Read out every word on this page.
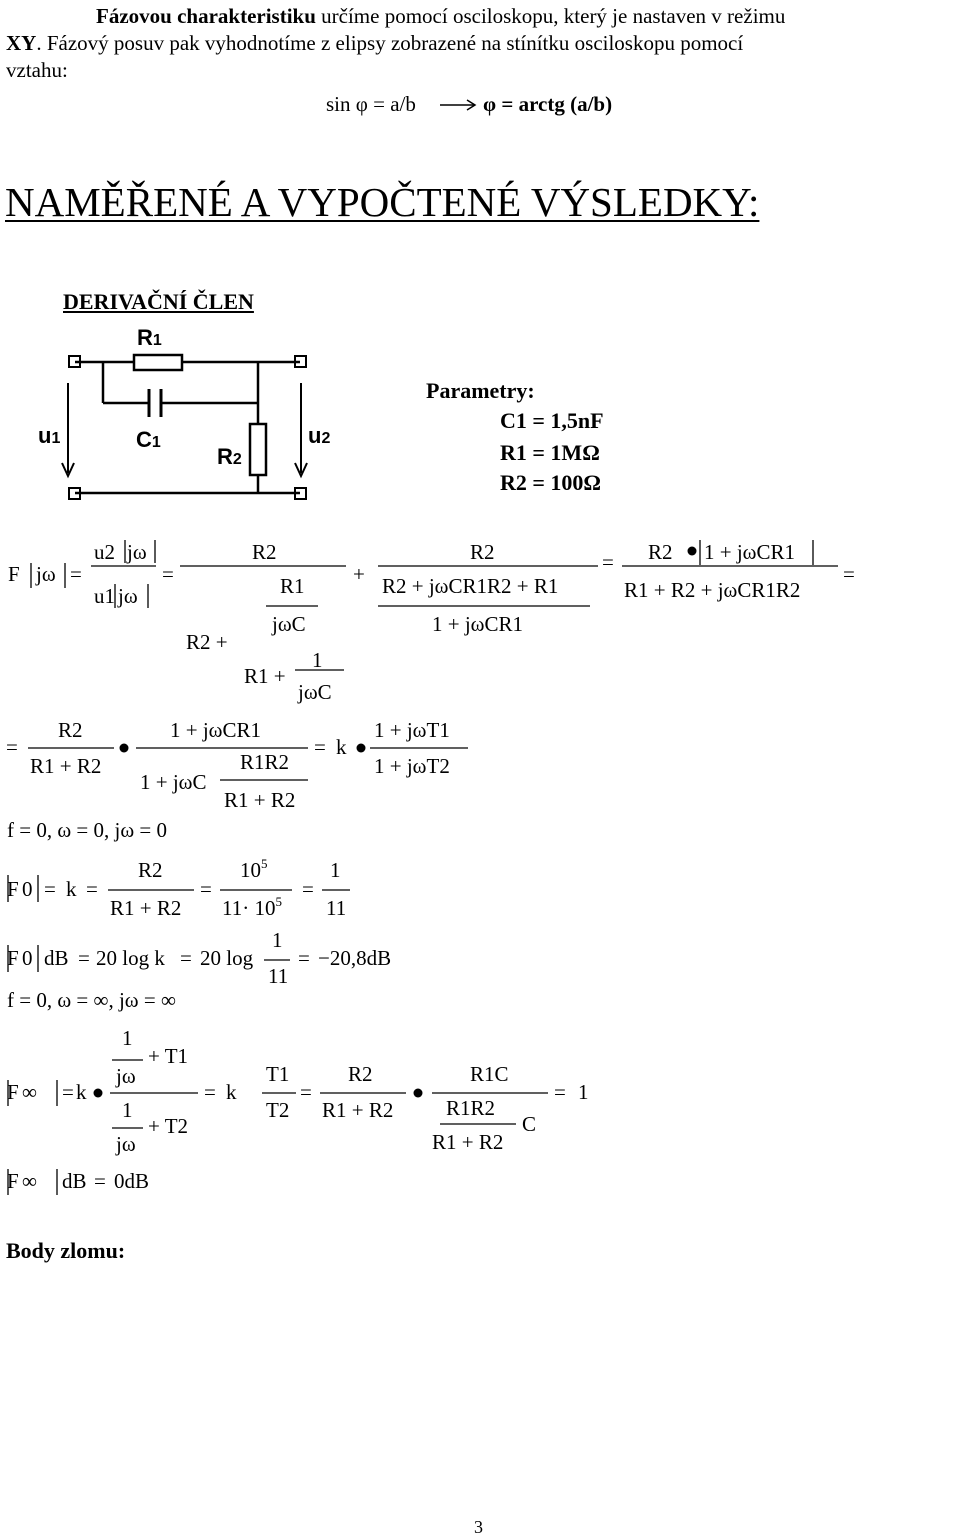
Fázovou charakteristiku určíme pomocí osciloskopu, který je nastaven v režimu
XY. Fázový posuv pak vyhodnotíme z elipsy zobrazené na stínítku osciloskopu pomocí
vztahu:
sin φ = a/b	φ = arctg (a/b)
NAMĚŘENÉ A VYPOČTENÉ VÝSLEDKY:
DERIVAČNÍ ČLEN
Parametry:
C1 = 1,5nF
R1 = 1MΩ
R2 = 100Ω
R1
C1
R2
u1	u2
F jω =
u2 jω
u1 jω
=
R2
R1
jωC
R2 +
1
R1 +
jωC
+
R2
R2 + jωCR1R2 + R1
1 + jωCR1
= R2 1 + jωCR1
R1 + R2 + jωCR1R2
=
=
R2
R1 + R2
1 + jωCR1
R1R2
1 + jωC
R1 + R2
= k
1 + jωT1
1 + jωT2
f = 0, ω = 0, jω = 0
F 0 = k =
R2
R1 + R2
=
$10^5$
$11\cdot 10^5$
=
1
11
F 0 dB = 20 log k = 20 log
1
11
= −20,8dB
f = 0, ω = ∞, jω = ∞
F ∞ = k
1
+ T1
jω
1
+ T2
jω
= k
T1
T2
=
R2
R1 + R2
R1C
R1R2
C
R1 + R2
= 1
F ∞ dB = 0dB
Body zlomu:
3
